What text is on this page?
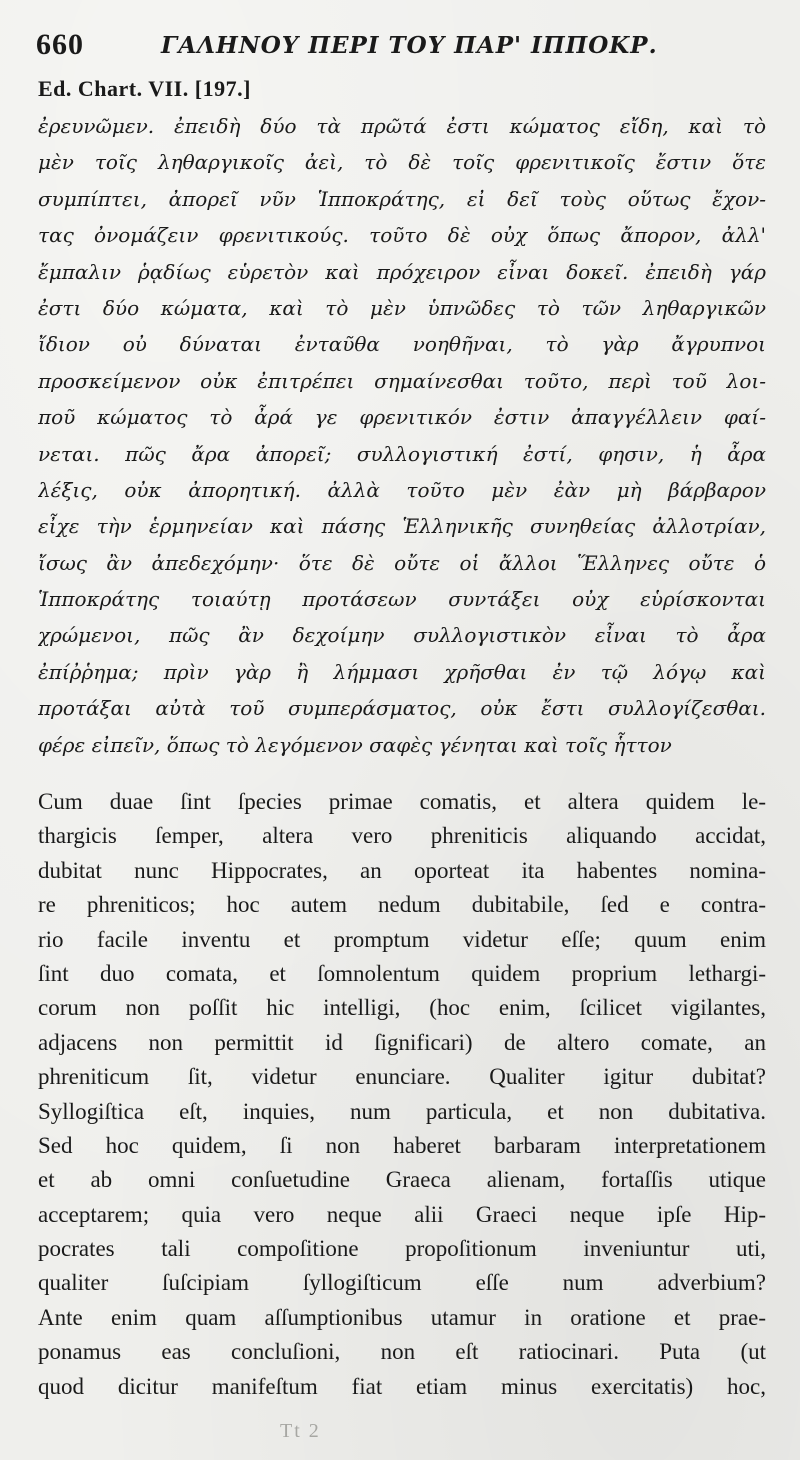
660	ΓΑΛΗΝΟΥ ΠΕΡΙ ΤΟΥ ΠΑΡ' ΙΠΠΟΚΡ.
Ed. Chart. VII. [197.]
ἐρευνῶμεν. ἐπειδὴ δύο τὰ πρῶτά ἐστι κώματος εἴδη, καὶ τὸ
μὲν τοῖς ληθαργικοῖς ἀεὶ, τὸ δὲ τοῖς φρενιτικοῖς ἔστιν ὅτε
συμπίπτει, ἀπορεῖ νῦν Ἱπποκράτης, εἰ δεῖ τοὺς οὕτως ἔχον-
τας ὀνομάζειν φρενιτικούς. τοῦτο δὲ οὐχ ὅπως ἄπορον, ἀλλ'
ἔμπαλιν ῥᾳδίως εὑρετὸν καὶ πρόχειρον εἶναι δοκεῖ. ἐπειδὴ γάρ
ἐστι δύο κώματα, καὶ τὸ μὲν ὑπνῶδες τὸ τῶν ληθαργικῶν
ἴδιον οὐ δύναται ἐνταῦθα νοηθῆναι, τὸ γὰρ ἄγρυπνοι
προσκείμενον οὐκ ἐπιτρέπει σημαίνεσθαι τοῦτο, περὶ τοῦ λοι-
ποῦ κώματος τὸ ἆρά γε φρενιτικόν ἐστιν ἀπαγγέλλειν φαί-
νεται. πῶς ἄρα ἀπορεῖ; συλλογιστική ἐστί, φησιν, ἡ ἆρα
λέξις, οὐκ ἀπορητική. ἀλλὰ τοῦτο μὲν ἐὰν μὴ βάρβαρον
εἶχε τὴν ἑρμηνείαν καὶ πάσης Ἑλληνικῆς συνηθείας ἀλλοτρίαν,
ἴσως ἂν ἀπεδεχόμην· ὅτε δὲ οὔτε οἱ ἄλλοι Ἕλληνες οὔτε ὁ
Ἱπποκράτης τοιαύτῃ προτάσεων συντάξει οὐχ εὑρίσκονται
χρώμενοι, πῶς ἂν δεχοίμην συλλογιστικὸν εἶναι τὸ ἆρα
ἐπίῤῥημα; πρὶν γὰρ ἢ λήμμασι χρῆσθαι ἐν τῷ λόγῳ καὶ
προτάξαι αὐτὰ τοῦ συμπεράσματος, οὐκ ἔστι συλλογίζεσθαι.
φέρε εἰπεῖν, ὅπως τὸ λεγόμενον σαφὲς γένηται καὶ τοῖς ἧττον
Cum duae ſint ſpecies primae comatis, et altera quidem le-
thargicis ſemper, altera vero phreniticis aliquando accidat,
dubitat nunc Hippocrates, an oporteat ita habentes nomina-
re phreniticos; hoc autem nedum dubitabile, ſed e contra-
rio facile inventu et promptum videtur eſſe; quum enim
ſint duo comata, et ſomnolentum quidem proprium lethargi-
corum non poſſit hic intelligi, (hoc enim, ſcilicet vigilantes,
adjacens non permittit id ſignificari) de altero comate, an
phreniticum ſit, videtur enunciare. Qualiter igitur dubitat?
Syllogiſtica eſt, inquies, num particula, et non dubitativa.
Sed hoc quidem, ſi non haberet barbaram interpretationem
et ab omni conſuetudine Graeca alienam, fortaſſis utique
acceptarem; quia vero neque alii Graeci neque ipſe Hip-
pocrates tali compoſitione propoſitionum inveniuntur uti,
qualiter ſuſcipiam ſyllogiſticum eſſe num adverbium?
Ante enim quam aſſumptionibus utamur in oratione et prae-
ponamus eas concluſioni, non eſt ratiocinari. Puta (ut
quod dicitur manifeſtum fiat etiam minus exercitatis) hoc,
Tt 2
